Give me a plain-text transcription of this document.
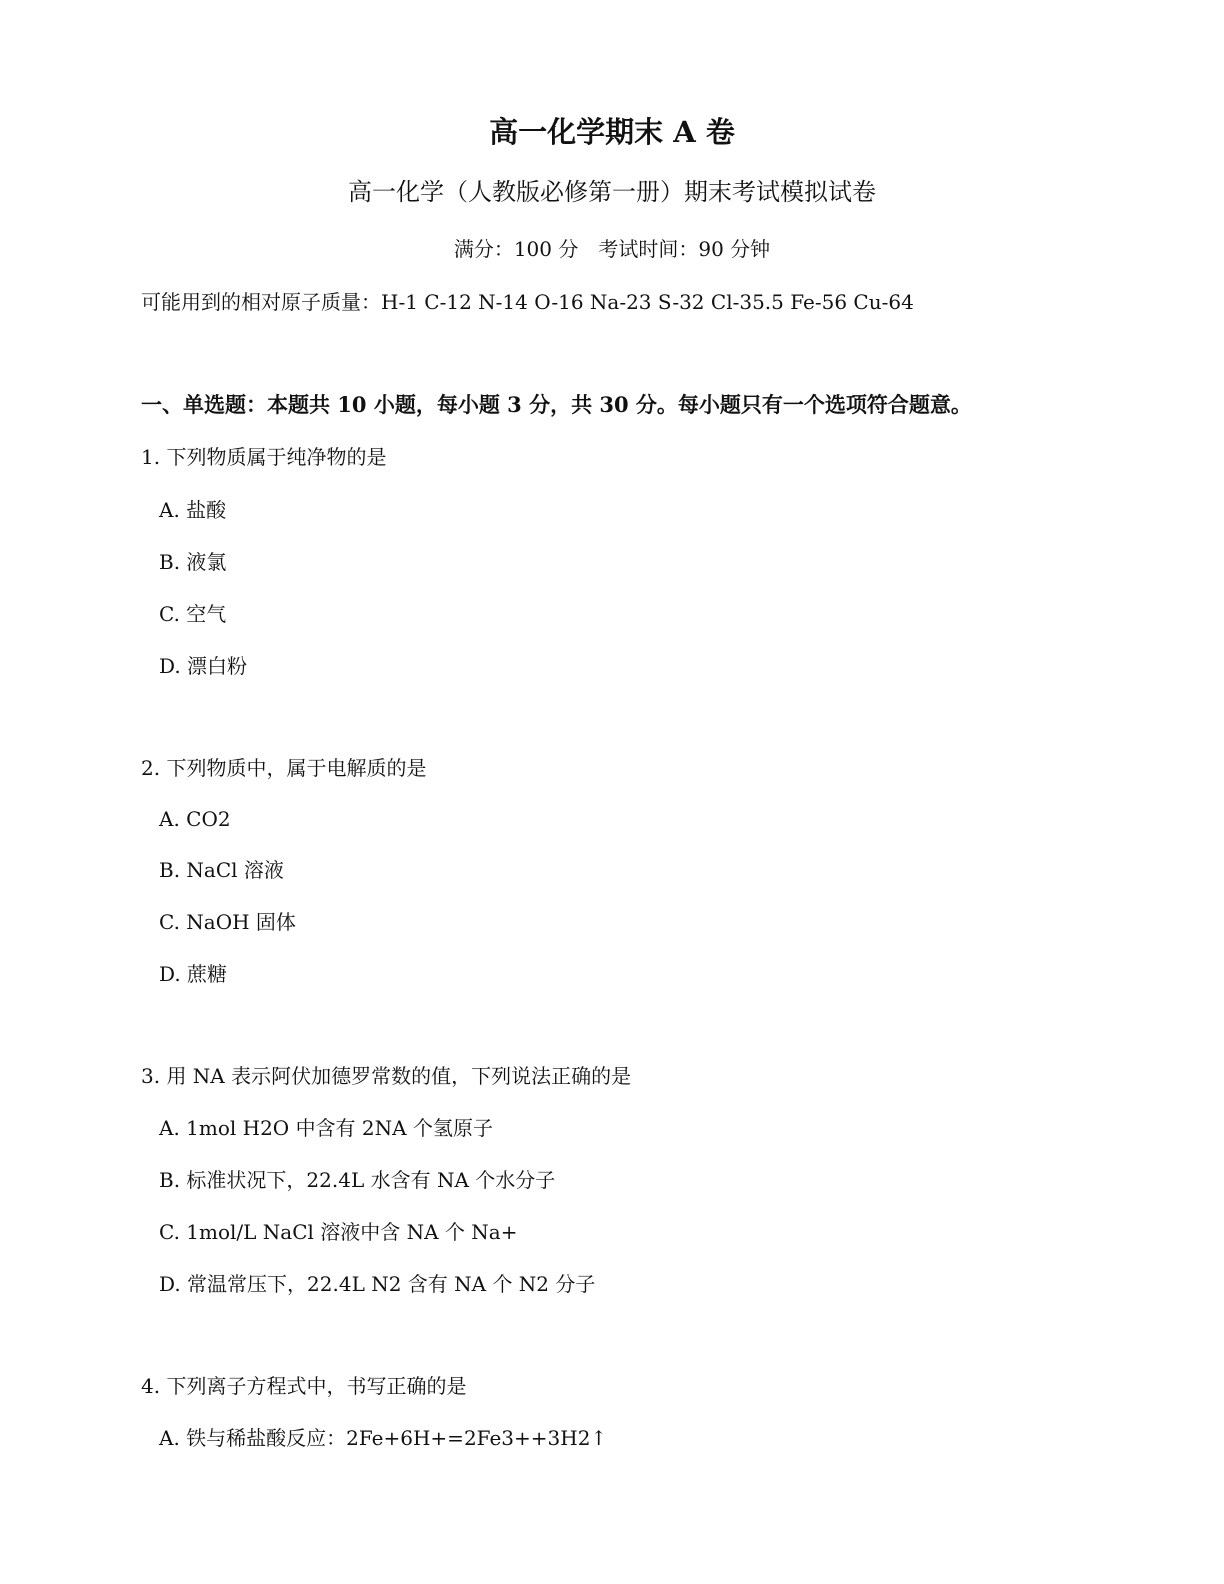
高一化学期末 A 卷
高一化学（人教版必修第一册）期末考试模拟试卷
满分：100 分　考试时间：90 分钟
可能用到的相对原子质量：H-1 C-12 N-14 O-16 Na-23 S-32 Cl-35.5 Fe-56 Cu-64
一、单选题：本题共 10 小题，每小题 3 分，共 30 分。每小题只有一个选项符合题意。
1. 下列物质属于纯净物的是
A. 盐酸
B. 液氯
C. 空气
D. 漂白粉
2. 下列物质中，属于电解质的是
A. CO2
B. NaCl 溶液
C. NaOH 固体
D. 蔗糖
3. 用 NA 表示阿伏加德罗常数的值，下列说法正确的是
A. 1mol H2O 中含有 2NA 个氢原子
B. 标准状况下，22.4L 水含有 NA 个水分子
C. 1mol/L NaCl 溶液中含 NA 个 Na+
D. 常温常压下，22.4L N2 含有 NA 个 N2 分子
4. 下列离子方程式中，书写正确的是
A. 铁与稀盐酸反应：2Fe+6H+=2Fe3++3H2↑
